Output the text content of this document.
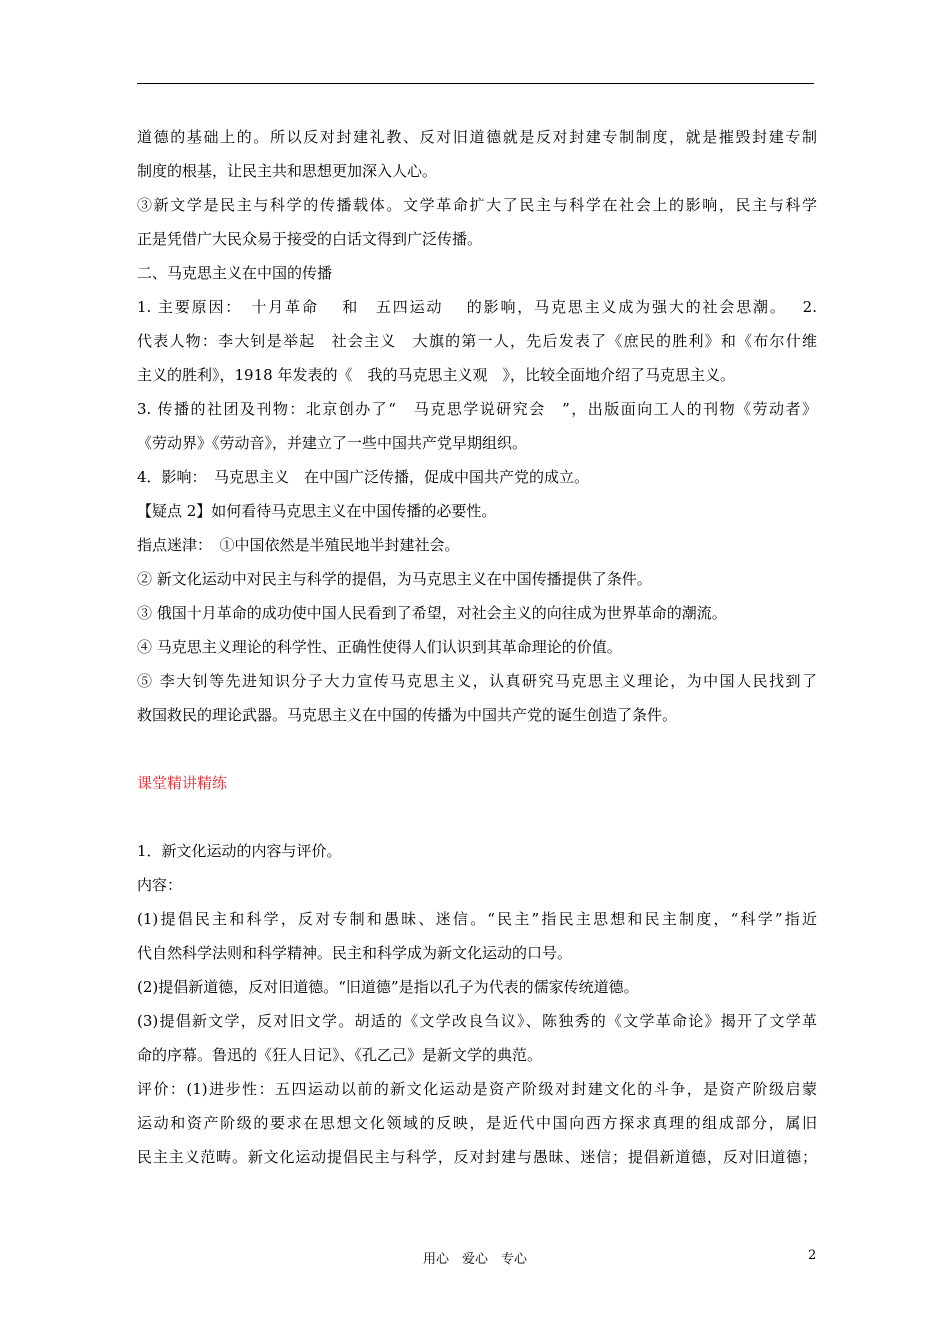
道德的基础上的。所以反对封建礼教、反对旧道德就是反对封建专制制度，就是摧毁封建专制
制度的根基，让民主共和思想更加深入人心。
③新文学是民主与科学的传播载体。文学革命扩大了民主与科学在社会上的影响，民主与科学
正是凭借广大民众易于接受的白话文得到广泛传播。
二、马克思主义在中国的传播
1. 主要原因：　十月革命　 和　五四运动　 的影响，马克思主义成为强大的社会思潮。　 2.
代表人物：李大钊是举起　社会主义　大旗的第一人，先后发表了《庶民的胜利》和《布尔什维
主义的胜利》，1918 年发表的《　我的马克思主义观　》，比较全面地介绍了马克思主义。
3. 传播的社团及刊物：北京创办了“　马克思学说研究会　”，出版面向工人的刊物《劳动者》
《劳动界》《劳动音》，并建立了一些中国共产党早期组织。
4．影响：　马克思主义　在中国广泛传播，促成中国共产党的成立。
【疑点 2】如何看待马克思主义在中国传播的必要性。
指点迷津：　①中国依然是半殖民地半封建社会。
② 新文化运动中对民主与科学的提倡，为马克思主义在中国传播提供了条件。
③ 俄国十月革命的成功使中国人民看到了希望，对社会主义的向往成为世界革命的潮流。
④ 马克思主义理论的科学性、正确性使得人们认识到其革命理论的价值。
⑤ 李大钊等先进知识分子大力宣传马克思主义，认真研究马克思主义理论，为中国人民找到了
救国救民的理论武器。马克思主义在中国的传播为中国共产党的诞生创造了条件。
课堂精讲精练
1．新文化运动的内容与评价。
内容：
(1)提倡民主和科学，反对专制和愚昧、迷信。“民主”指民主思想和民主制度，“科学”指近
代自然科学法则和科学精神。民主和科学成为新文化运动的口号。
(2)提倡新道德，反对旧道德。“旧道德”是指以孔子为代表的儒家传统道德。
(3)提倡新文学，反对旧文学。胡适的《文学改良刍议》、陈独秀的《文学革命论》揭开了文学革
命的序幕。鲁迅的《狂人日记》、《孔乙己》是新文学的典范。
评价：(1)进步性：五四运动以前的新文化运动是资产阶级对封建文化的斗争，是资产阶级启蒙
运动和资产阶级的要求在思想文化领域的反映，是近代中国向西方探求真理的组成部分，属旧
民主主义范畴。新文化运动提倡民主与科学，反对封建与愚昧、迷信；提倡新道德，反对旧道德；
用心　爱心　专心	2
